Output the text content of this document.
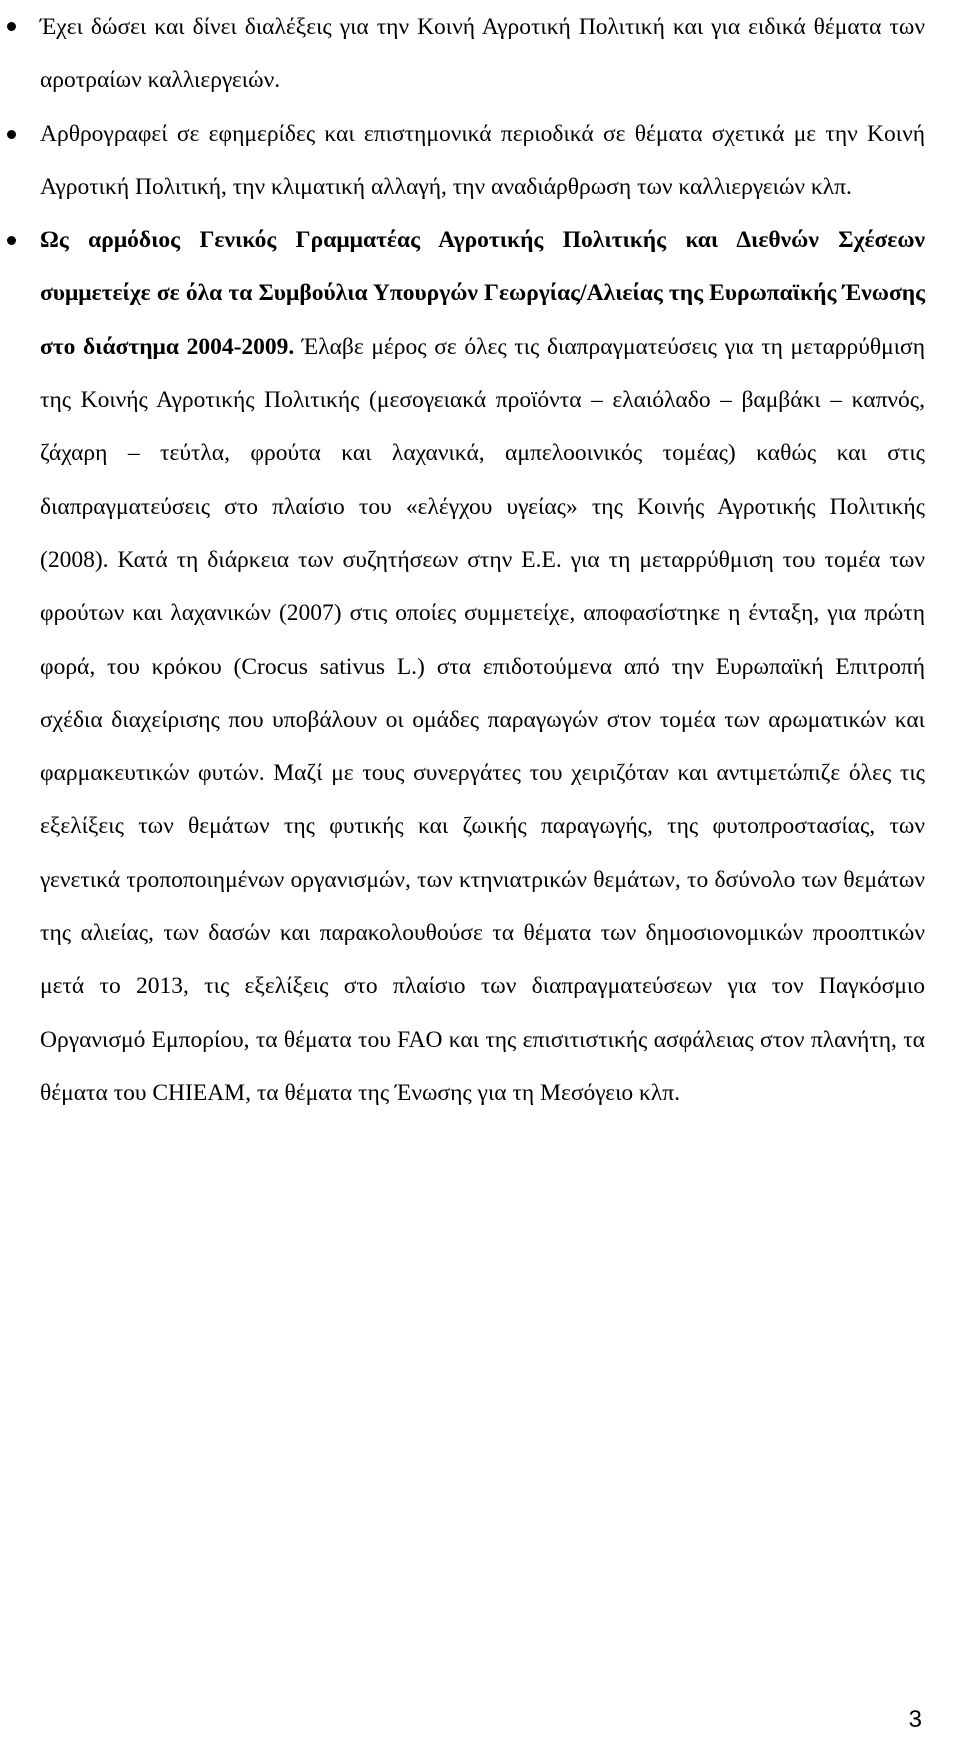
Έχει δώσει και δίνει διαλέξεις για την Κοινή Αγροτική Πολιτική και για ειδικά θέματα των αροτραίων καλλιεργειών.
Αρθρογραφεί σε εφημερίδες και επιστημονικά περιοδικά σε θέματα σχετικά με την Κοινή Αγροτική Πολιτική, την κλιματική αλλαγή, την αναδιάρθρωση των καλλιεργειών κλπ.
Ως αρμόδιος Γενικός Γραμματέας Αγροτικής Πολιτικής και Διεθνών Σχέσεων συμμετείχε σε όλα τα Συμβούλια Υπουργών Γεωργίας/Αλιείας της Ευρωπαϊκής Ένωσης στο διάστημα 2004-2009. Έλαβε μέρος σε όλες τις διαπραγματεύσεις για τη μεταρρύθμιση της Κοινής Αγροτικής Πολιτικής (μεσογειακά προϊόντα – ελαιόλαδο – βαμβάκι – καπνός, ζάχαρη – τεύτλα, φρούτα και λαχανικά, αμπελοοινικός τομέας) καθώς και στις διαπραγματεύσεις στο πλαίσιο του «ελέγχου υγείας» της Κοινής Αγροτικής Πολιτικής (2008). Κατά τη διάρκεια των συζητήσεων στην Ε.Ε. για τη μεταρρύθμιση του τομέα των φρούτων και λαχανικών (2007) στις οποίες συμμετείχε, αποφασίστηκε η ένταξη, για πρώτη φορά, του κρόκου (Crocus sativus L.) στα επιδοτούμενα από την Ευρωπαϊκή Επιτροπή σχέδια διαχείρισης που υποβάλουν οι ομάδες παραγωγών στον τομέα των αρωματικών και φαρμακευτικών φυτών. Μαζί με τους συνεργάτες του χειριζόταν και αντιμετώπιζε όλες τις εξελίξεις των θεμάτων της φυτικής και ζωικής παραγωγής, της φυτοπροστασίας, των γενετικά τροποποιημένων οργανισμών, των κτηνιατρικών θεμάτων, το δσύνολο των θεμάτων της αλιείας, των δασών και παρακολουθούσε τα θέματα των δημοσιονομικών προοπτικών μετά το 2013, τις εξελίξεις στο πλαίσιο των διαπραγματεύσεων για τον Παγκόσμιο Οργανισμό Εμπορίου, τα θέματα του FAO και της επισιτιστικής ασφάλειας στον πλανήτη, τα θέματα του CHIEAM, τα θέματα της Ένωσης για τη Μεσόγειο κλπ.
3
